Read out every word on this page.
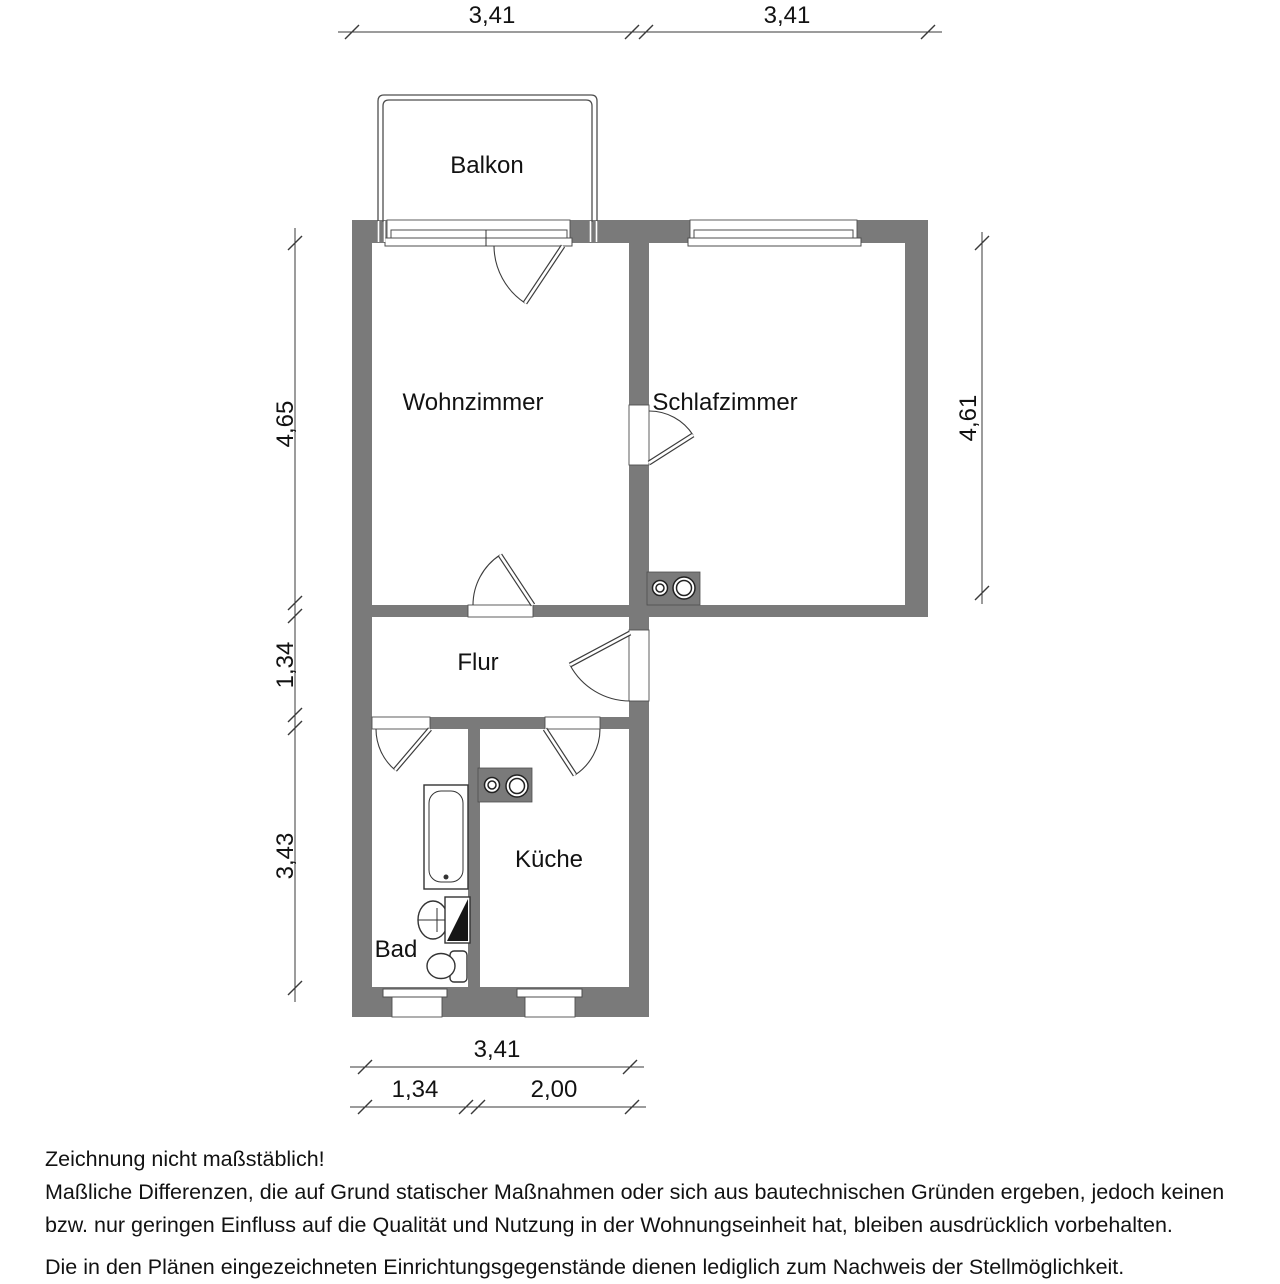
3,41	3,41
4,65
1,34
3,43
4,61
3,41
1,34	2,00
Balkon
Wohnzimmer	Schlafzimmer
Flur
Küche
Bad
Zeichnung nicht maßstäblich!
Maßliche Differenzen, die auf Grund statischer Maßnahmen oder sich aus bautechnischen Gründen ergeben, jedoch keinen
bzw. nur geringen Einfluss auf die Qualität und Nutzung in der Wohnungseinheit hat, bleiben ausdrücklich vorbehalten.
Die in den Plänen eingezeichneten Einrichtungsgegenstände dienen lediglich zum Nachweis der Stellmöglichkeit.
